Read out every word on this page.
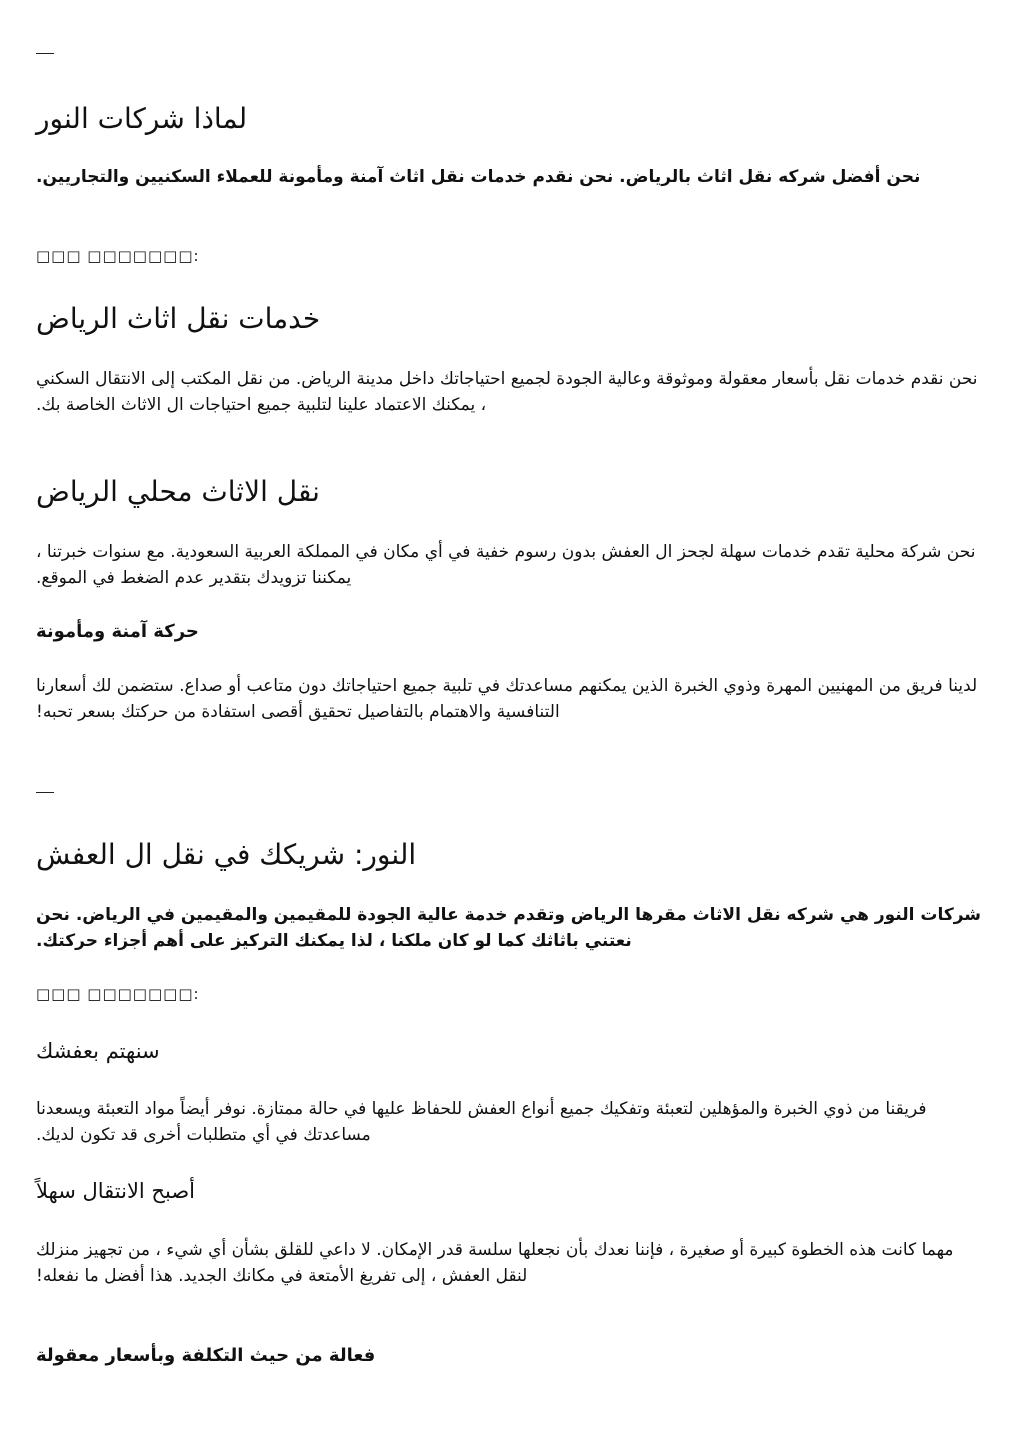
لماذا شركات النور

نحن أفضل شركه نقل اثاث بالرياض. نحن نقدم خدمات نقل اثاث آمنة ومأمونة للعملاء السكنيين والتجاريين.

□□□ □□□□□□□:

خدمات نقل اثاث الرياض

نحن نقدم خدمات نقل بأسعار معقولة وموثوقة وعالية الجودة لجميع احتياجاتك داخل مدينة الرياض. من نقل المكتب إلى الانتقال السكني ، يمكنك الاعتماد علينا لتلبية جميع احتياجات ال الاثاث الخاصة بك.

نقل الاثاث محلي الرياض

نحن شركة محلية تقدم خدمات سهلة لجحز ال العفش بدون رسوم خفية في أي مكان في المملكة العربية السعودية. مع سنوات خبرتنا ، يمكننا تزويدك بتقدير عدم الضغط في الموقع.

حركة آمنة ومأمونة

لدينا فريق من المهنيين المهرة وذوي الخبرة الذين يمكنهم مساعدتك في تلبية جميع احتياجاتك دون متاعب أو صداع. ستضمن لك أسعارنا التنافسية والاهتمام بالتفاصيل تحقيق أقصى استفادة من حركتك بسعر تحبه!

النور: شريكك في نقل ال العفش

شركات النور هي شركه نقل الاثاث مقرها الرياض وتقدم خدمة عالية الجودة للمقيمين والمقيمين في الرياض. نحن نعتني باثاثك كما لو كان ملكنا ، لذا يمكنك التركيز على أهم أجزاء حركتك.

□□□ □□□□□□□:

سنهتم بعفشك

فريقنا من ذوي الخبرة والمؤهلين لتعبئة وتفكيك جميع أنواع العفش للحفاظ عليها في حالة ممتازة. نوفر أيضاً مواد التعبئة ويسعدنا مساعدتك في أي متطلبات أخرى قد تكون لديك.

أصبح الانتقال سهلاً

مهما كانت هذه الخطوة كبيرة أو صغيرة ، فإننا نعدك بأن نجعلها سلسة قدر الإمكان. لا داعي للقلق بشأن أي شيء ، من تجهيز منزلك لنقل العفش ، إلى تفريغ الأمتعة في مكانك الجديد. هذا أفضل ما نفعله!

فعالة من حيث التكلفة وبأسعار معقولة
